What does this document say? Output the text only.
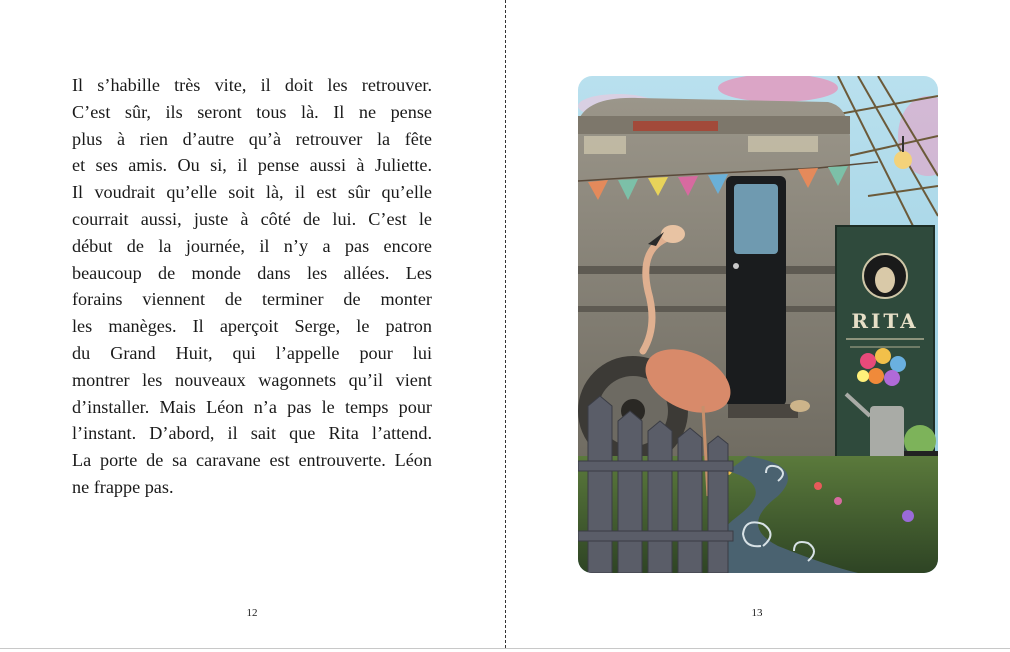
Il s’habille très vite, il doit les retrouver.
C’est sûr, ils seront tous là. Il ne pense
plus à rien d’autre qu’à retrouver la fête
et ses amis. Ou si, il pense aussi à Juliette.
Il voudrait qu’elle soit là, il est sûr qu’elle
courrait aussi, juste à côté de lui. C’est le
début de la journée, il n’y a pas encore
beaucoup de monde dans les allées. Les
forains viennent de terminer de monter
les manèges. Il aperçoit Serge, le patron
du Grand Huit, qui l’appelle pour lui
montrer les nouveaux wagonnets qu’il vient
d’installer. Mais Léon n’a pas le temps pour
l’instant. D’abord, il sait que Rita l’attend.
La porte de sa caravane est entrouverte. Léon
ne frappe pas.

12
RITA
13
